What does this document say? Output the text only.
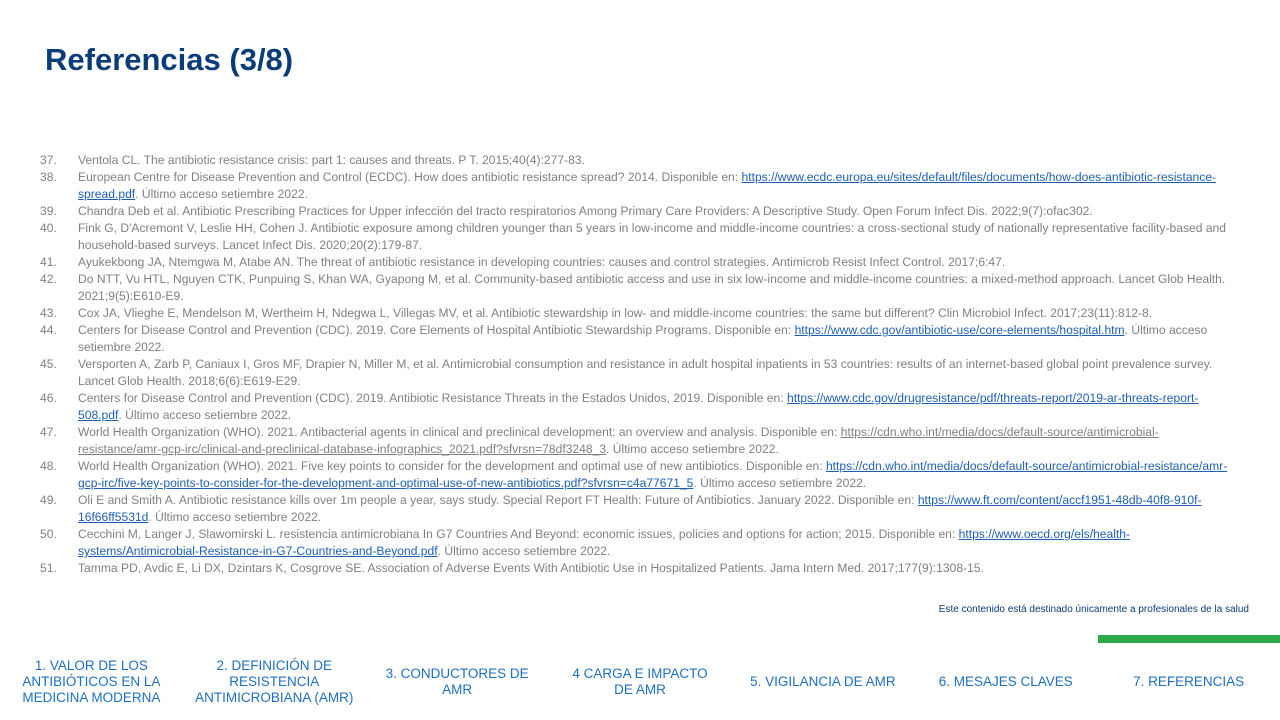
Referencias (3/8)
37.	Ventola CL. The antibiotic resistance crisis: part 1: causes and threats. P T. 2015;40(4):277-83.
38.	European Centre for Disease Prevention and Control (ECDC). How does antibiotic resistance spread? 2014. Disponible en: https://www.ecdc.europa.eu/sites/default/files/documents/how-does-antibiotic-resistance-spread.pdf. Último acceso setiembre 2022.
39.	Chandra Deb et al. Antibiotic Prescribing Practices for Upper infección del tracto respiratorios Among Primary Care Providers: A Descriptive Study. Open Forum Infect Dis. 2022;9(7):ofac302.
40.	Fink G, D'Acremont V, Leslie HH, Cohen J. Antibiotic exposure among children younger than 5 years in low-income and middle-income countries: a cross-sectional study of nationally representative facility-based and household-based surveys. Lancet Infect Dis. 2020;20(2):179-87.
41.	Ayukekbong JA, Ntemgwa M, Atabe AN. The threat of antibiotic resistance in developing countries: causes and control strategies. Antimicrob Resist Infect Control. 2017;6:47.
42.	Do NTT, Vu HTL, Nguyen CTK, Punpuing S, Khan WA, Gyapong M, et al. Community-based antibiotic access and use in six low-income and middle-income countries: a mixed-method approach. Lancet Glob Health. 2021;9(5):E610-E9.
43.	Cox JA, Vlieghe E, Mendelson M, Wertheim H, Ndegwa L, Villegas MV, et al. Antibiotic stewardship in low- and middle-income countries: the same but different? Clin Microbiol Infect. 2017;23(11):812-8.
44.	Centers for Disease Control and Prevention (CDC). 2019. Core Elements of Hospital Antibiotic Stewardship Programs. Disponible en: https://www.cdc.gov/antibiotic-use/core-elements/hospital.htm. Último acceso setiembre 2022.
45.	Versporten A, Zarb P, Caniaux I, Gros MF, Drapier N, Miller M, et al. Antimicrobial consumption and resistance in adult hospital inpatients in 53 countries: results of an internet-based global point prevalence survey. Lancet Glob Health. 2018;6(6):E619-E29.
46.	Centers for Disease Control and Prevention (CDC). 2019. Antibiotic Resistance Threats in the Estados Unidos, 2019. Disponible en: https://www.cdc.gov/drugresistance/pdf/threats-report/2019-ar-threats-report-508.pdf. Último acceso setiembre 2022.
47.	World Health Organization (WHO). 2021. Antibacterial agents in clinical and preclinical development: an overview and analysis. Disponible en: https://cdn.who.int/media/docs/default-source/antimicrobial-resistance/amr-gcp-irc/clinical-and-preclinical-database-infographics_2021.pdf?sfvrsn=78df3248_3. Último acceso setiembre 2022.
48.	World Health Organization (WHO). 2021. Five key points to consider for the development and optimal use of new antibiotics. Disponible en: https://cdn.who.int/media/docs/default-source/antimicrobial-resistance/amr-gcp-irc/five-key-points-to-consider-for-the-development-and-optimal-use-of-new-antibiotics.pdf?sfvrsn=c4a77671_5. Último acceso setiembre 2022.
49.	Oli E and Smith A. Antibiotic resistance kills over 1m people a year, says study. Special Report FT Health: Future of Antibiotics. January 2022. Disponible en: https://www.ft.com/content/accf1951-48db-40f8-910f-16f66ff5531d. Último acceso setiembre 2022.
50.	Cecchini M, Langer J, Slawomirski L. resistencia antimicrobiana In G7 Countries And Beyond: economic issues, policies and options for action; 2015. Disponible en: https://www.oecd.org/els/health-systems/Antimicrobial-Resistance-in-G7-Countries-and-Beyond.pdf. Último acceso setiembre 2022.
51.	Tamma PD, Avdic E, Li DX, Dzintars K, Cosgrove SE. Association of Adverse Events With Antibiotic Use in Hospitalized Patients. Jama Intern Med. 2017;177(9):1308-15.
Este contenido está destinado únicamente a profesionales de la salud
1. VALOR DE LOS
ANTIBIÓTICOS EN LA
MEDICINA MODERNA
2. DEFINICIÓN DE
RESISTENCIA
ANTIMICROBIANA (AMR)
3. CONDUCTORES DE
AMR
4 CARGA E IMPACTO
DE AMR
5. VIGILANCIA DE AMR	6. MESAJES CLAVES	7. REFERENCIAS
